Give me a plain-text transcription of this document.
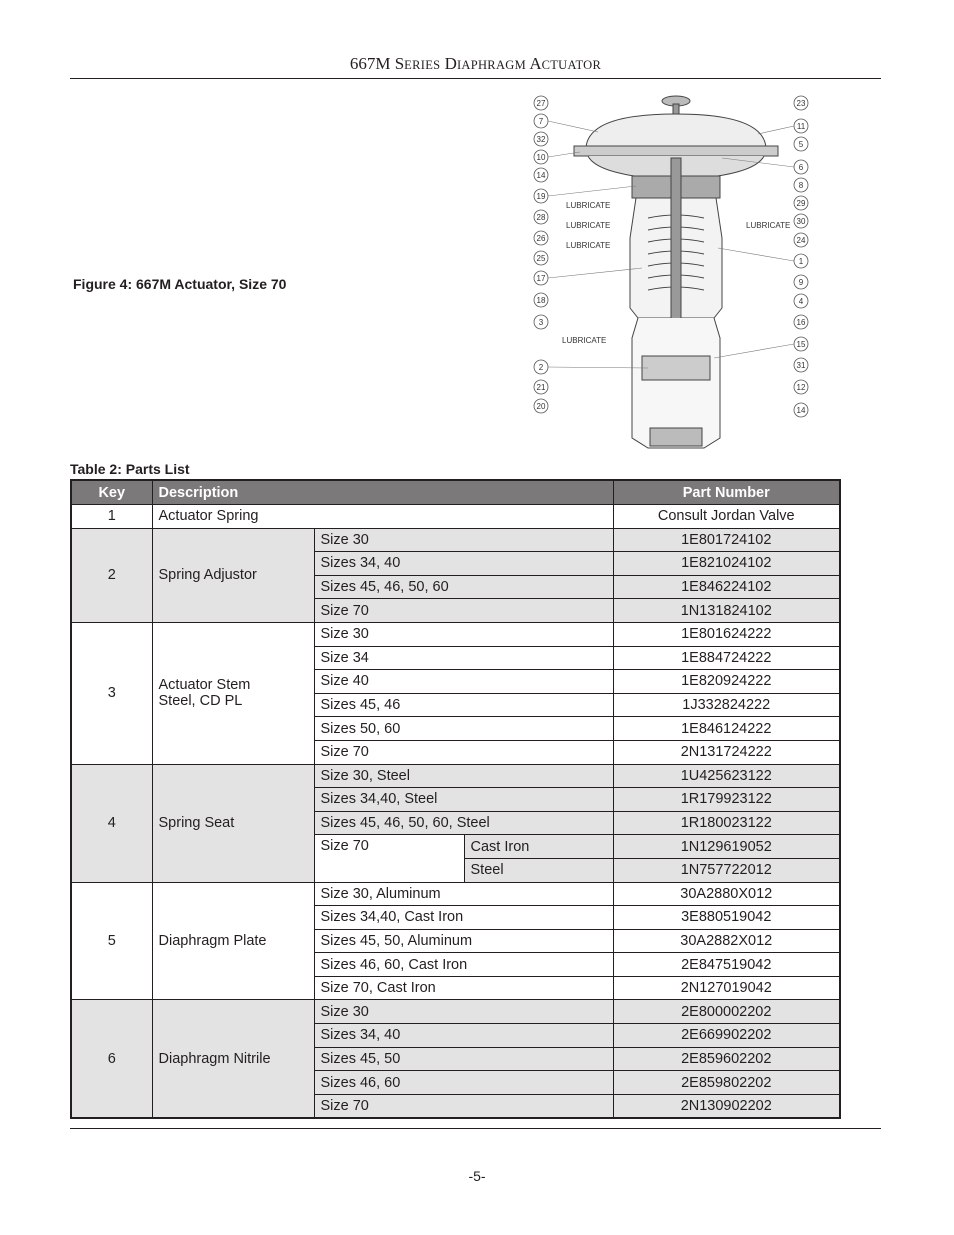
667M SERIES DIAPHRAGM ACTUATOR
Figure 4: 667M Actuator, Size 70
27
7
32
10
14
19
28
26
25
17
18
3
2
21
20
23
11
5
6
8
29
30
24
1
9
4
16
15
31
12
14
LUBRICATE
LUBRICATE
LUBRICATE
LUBRICATE
LUBRICATE
Table 2: Parts List
Key	Description			Part Number
1	Actuator Spring			Consult Jordan Valve
2	Spring Adjustor	Size 30		1E801724102
		Sizes 34, 40		1E821024102
		Sizes 45, 46, 50, 60		1E846224102
		Size 70		1N131824102
3	Actuator Stem
Steel, CD PL	Size 30		1E801624222
		Size 34		1E884724222
		Size 40		1E820924222
		Sizes 45, 46		1J332824222
		Sizes 50, 60		1E846124222
		Size 70		2N131724222
4	Spring Seat	Size 30, Steel		1U425623122
		Sizes 34,40, Steel		1R179923122
		Sizes 45, 46, 50, 60, Steel		1R180023122
		Size 70	Cast Iron	1N129619052
			Steel	1N757722012
5	Diaphragm Plate	Size 30, Aluminum		30A2880X012
		Sizes 34,40, Cast Iron		3E880519042
		Sizes 45, 50, Aluminum		30A2882X012
		Sizes 46, 60, Cast Iron		2E847519042
		Size 70, Cast Iron		2N127019042
6	Diaphragm Nitrile	Size 30		2E800002202
		Sizes 34, 40		2E669902202
		Sizes 45, 50		2E859602202
		Sizes 46, 60		2E859802202
		Size 70		2N130902202
-5-
